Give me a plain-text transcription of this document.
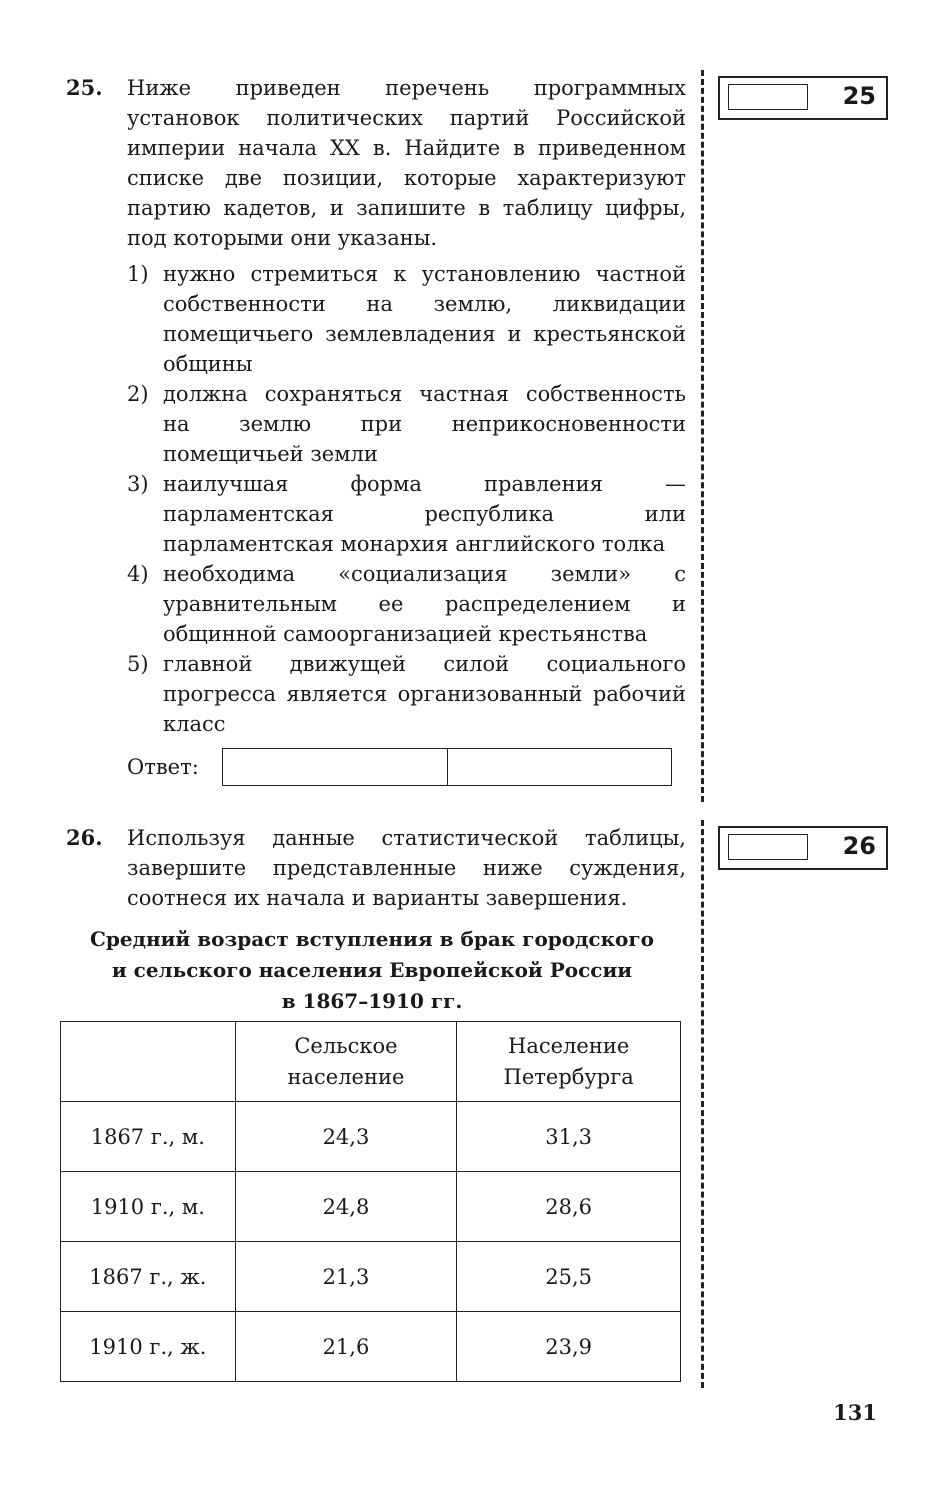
25. Ниже приведен перечень программных установок политических партий Российской империи начала XX в. Найдите в приведенном списке две позиции, которые характеризуют партию кадетов, и запишите в таблицу цифры, под которыми они указаны.
1) нужно стремиться к установлению частной собственности на землю, ликвидации помещичьего землевладения и крестьянской общины
2) должна сохраняться частная собственность на землю при неприкосновенности помещичьей земли
3) наилучшая форма правления — парламентская республика или парламентская монархия английского толка
4) необходима «социализация земли» с уравнительным ее распределением и общинной самоорганизацией крестьянства
5) главной движущей силой социального прогресса является организованный рабочий класс
Ответ:
25
26. Используя данные статистической таблицы, завершите представленные ниже суждения, соотнеся их начала и варианты завершения.
26
Средний возраст вступления в брак городского
и сельского населения Европейской России
в 1867–1910 гг.
	Сельское население	Население Петербурга
1867 г., м.	24,3	31,3
1910 г., м.	24,8	28,6
1867 г., ж.	21,3	25,5
1910 г., ж.	21,6	23,9
131
